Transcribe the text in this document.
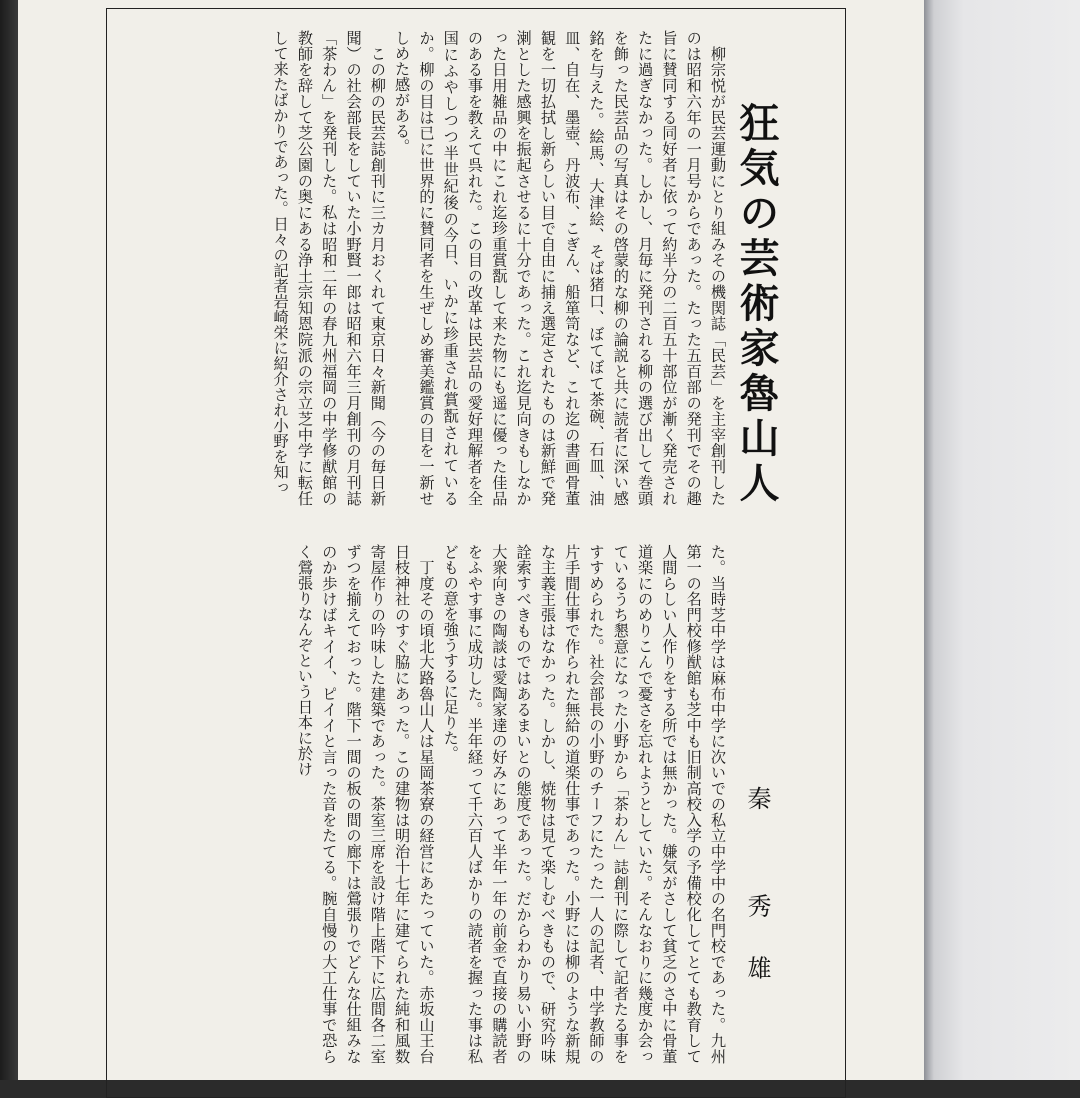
　柳宗悦が民芸運動にとり組みその機関誌「民芸」を主宰創刊したのは昭和六年の一月号からであった。たった五百部の発刊でその趣旨に賛同する同好者に依って約半分の二百五十部位が漸く発売されたに過ぎなかった。しかし、月毎に発刊される柳の選び出して巻頭を飾った民芸品の写真はその啓蒙的な柳の論説と共に読者に深い感銘を与えた。絵馬、大津絵、そば猪口、ぼてぼて茶碗、石皿、油皿、自在、墨壺、丹波布、こぎん、船箪笥など、これ迄の書画骨董観を一切払拭し新らしい目で自由に捕え選定されたものは新鮮で発溂とした感興を振起させるに十分であった。これ迄見向きもしなかった日用雑品の中にこれ迄珍重賞翫して来た物にも遥に優った佳品のある事を教えて呉れた。この目の改革は民芸品の愛好理解者を全国にふやしつつ半世紀後の今日、いかに珍重され賞翫されているか。柳の目は已に世界的に賛同者を生ぜしめ審美鑑賞の目を一新せしめた感がある。
　この柳の民芸誌創刊に三カ月おくれて東京日々新聞（今の毎日新聞）の社会部長をしていた小野賢一郎は昭和六年三月創刊の月刊誌「茶わん」を発刊した。私は昭和二年の春九州福岡の中学修猷館の教師を辞して芝公園の奥にある浄土宗知恩院派の宗立芝中学に転任して来たばかりであった。日々の記者岩崎栄に紹介され小野を知っ
た。当時芝中学は麻布中学に次いでの私立中学中の名門校であった。九州第一の名門校修猷館も芝中も旧制高校入学の予備校化してとても教育して人間らしい人作りをする所では無かった。嫌気がさして貧乏のさ中に骨董道楽にのめりこんで憂さを忘れようとしていた。そんなおりに幾度か会っているうち懇意になった小野から「茶わん」誌創刊に際して記者たる事をすすめられた。社会部長の小野のチーフにたった一人の記者、中学教師の片手間仕事で作られた無給の道楽仕事であった。小野には柳のような新規な主義主張はなかった。しかし、焼物は見て楽しむべきもので、研究吟味詮索すべきものではあるまいとの態度であった。だからわかり易い小野の大衆向きの陶談は愛陶家達の好みにあって半年一年の前金で直接の購読者をふやす事に成功した。半年経って千六百人ばかりの読者を握った事は私どもの意を強うするに足りた。
　丁度その頃北大路魯山人は星岡茶寮の経営にあたっていた。赤坂山王台日枝神社のすぐ脇にあった。この建物は明治十七年に建てられた純和風数寄屋作りの吟味した建築であった。茶室三席を設け階上階下に広間各二室ずつを揃えておった。階下一間の板の間の廊下は鶯張りでどんな仕組みなのか歩けばキイイ、ピイイと言った音をたてる。腕自慢の大工仕事で恐らく鶯張りなんぞという日本に於け
狂気の芸術家魯山人
秦 秀雄
